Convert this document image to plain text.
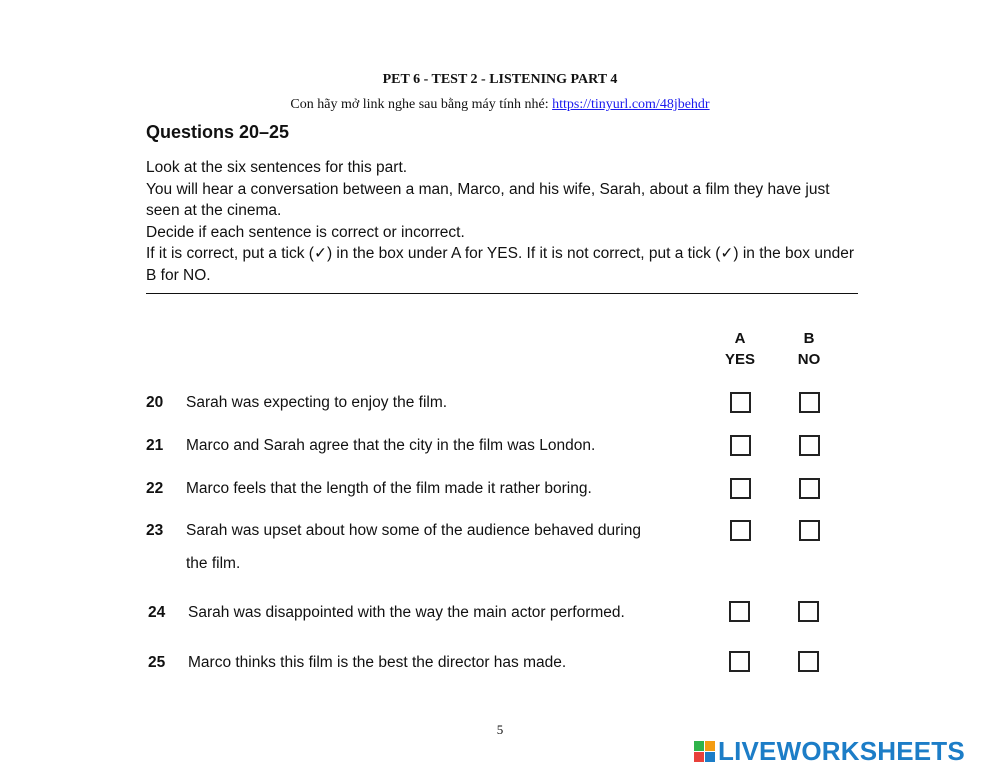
PET 6 - TEST 2 - LISTENING PART 4
Con hãy mở link nghe sau bằng máy tính nhé: https://tinyurl.com/48jbehdr
Questions 20–25

Look at the six sentences for this part.

You will hear a conversation between a man, Marco, and his wife, Sarah, about a film they have just seen at the cinema.

Decide if each sentence is correct or incorrect.

If it is correct, put a tick (✓) in the box under A for YES. If it is not correct, put a tick (✓) in the box under B for NO.

A
YES
B
NO
20	Sarah was expecting to enjoy the film.
21	Marco and Sarah agree that the city in the film was London.
22	Marco feels that the length of the film made it rather boring.
23	Sarah was upset about how some of the audience behaved during the film.
24	Sarah was disappointed with the way the main actor performed.
25	Marco thinks this film is the best the director has made.
5
LIVEWORKSHEETS
